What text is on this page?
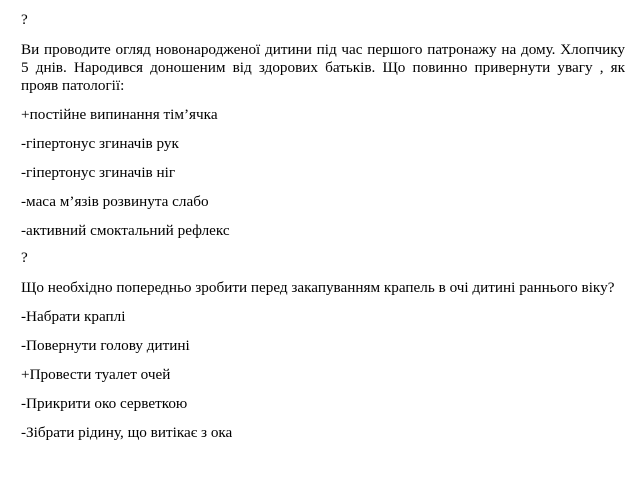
?

Ви проводите огляд новонародженої дитини під час першого патронажу на дому. Хлопчику 5 днів. Народився доношеним від здорових батьків. Що повинно привернути увагу , як прояв патології:

+постійне випинання тім’ячка

-гіпертонус згиначів рук

-гіпертонус згиначів ніг

-маса м’язів розвинута слабо

-активний смоктальний рефлекс

?

Що необхідно попередньо зробити перед закапуванням крапель в очі дитині раннього віку?

-Набрати краплі

-Повернути голову дитині

+Провести туалет очей

-Прикрити око серветкою

-Зібрати рідину, що витікає з ока
